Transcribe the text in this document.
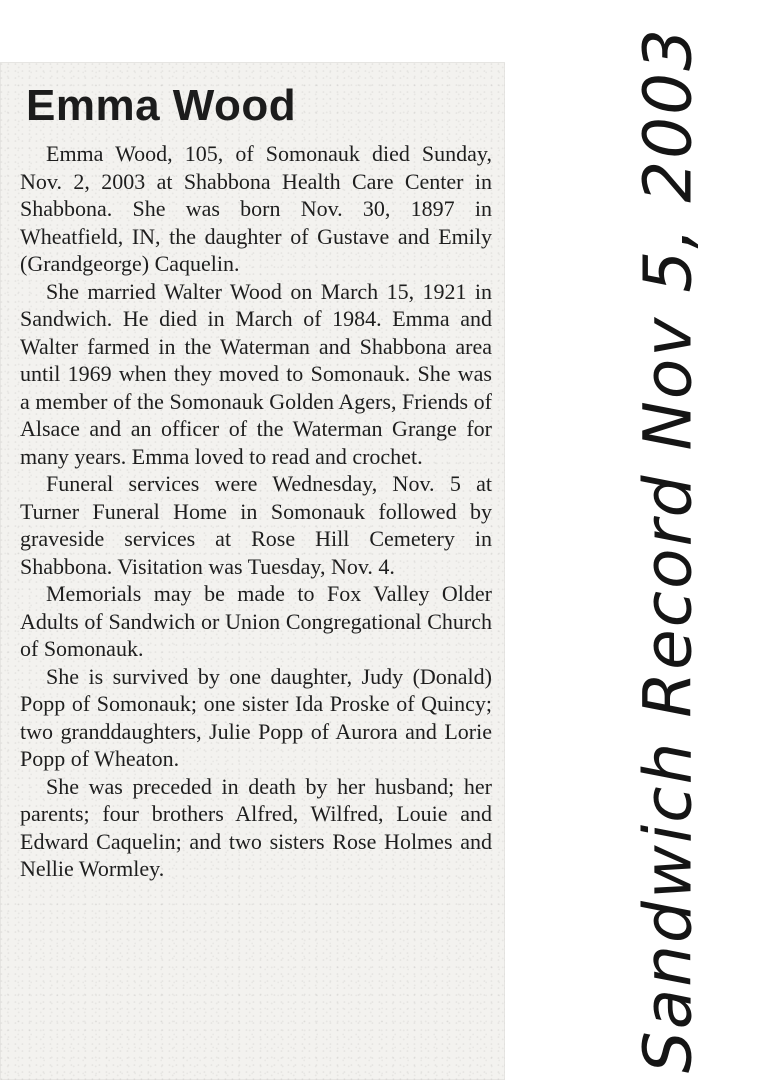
Emma Wood

Emma Wood, 105, of Somonauk died Sunday, Nov. 2, 2003 at Shabbona Health Care Center in Shabbona. She was born Nov. 30, 1897 in Wheatfield, IN, the daughter of Gustave and Emily (Grandgeorge) Caquelin.

She married Walter Wood on March 15, 1921 in Sandwich. He died in March of 1984. Emma and Walter farmed in the Waterman and Shabbona area until 1969 when they moved to Somonauk. She was a member of the Somonauk Golden Agers, Friends of Alsace and an officer of the Waterman Grange for many years. Emma loved to read and crochet.

Funeral services were Wednesday, Nov. 5 at Turner Funeral Home in Somonauk followed by graveside services at Rose Hill Cemetery in Shabbona. Visitation was Tuesday, Nov. 4.

Memorials may be made to Fox Valley Older Adults of Sandwich or Union Congregational Church of Somonauk.

She is survived by one daughter, Judy (Donald) Popp of Somonauk; one sister Ida Proske of Quincy; two granddaughters, Julie Popp of Aurora and Lorie Popp of Wheaton.

She was preceded in death by her husband; her parents; four brothers Alfred, Wilfred, Louie and Edward Caquelin; and two sisters Rose Holmes and Nellie Wormley.	Sandwich Record Nov 5, 2003
